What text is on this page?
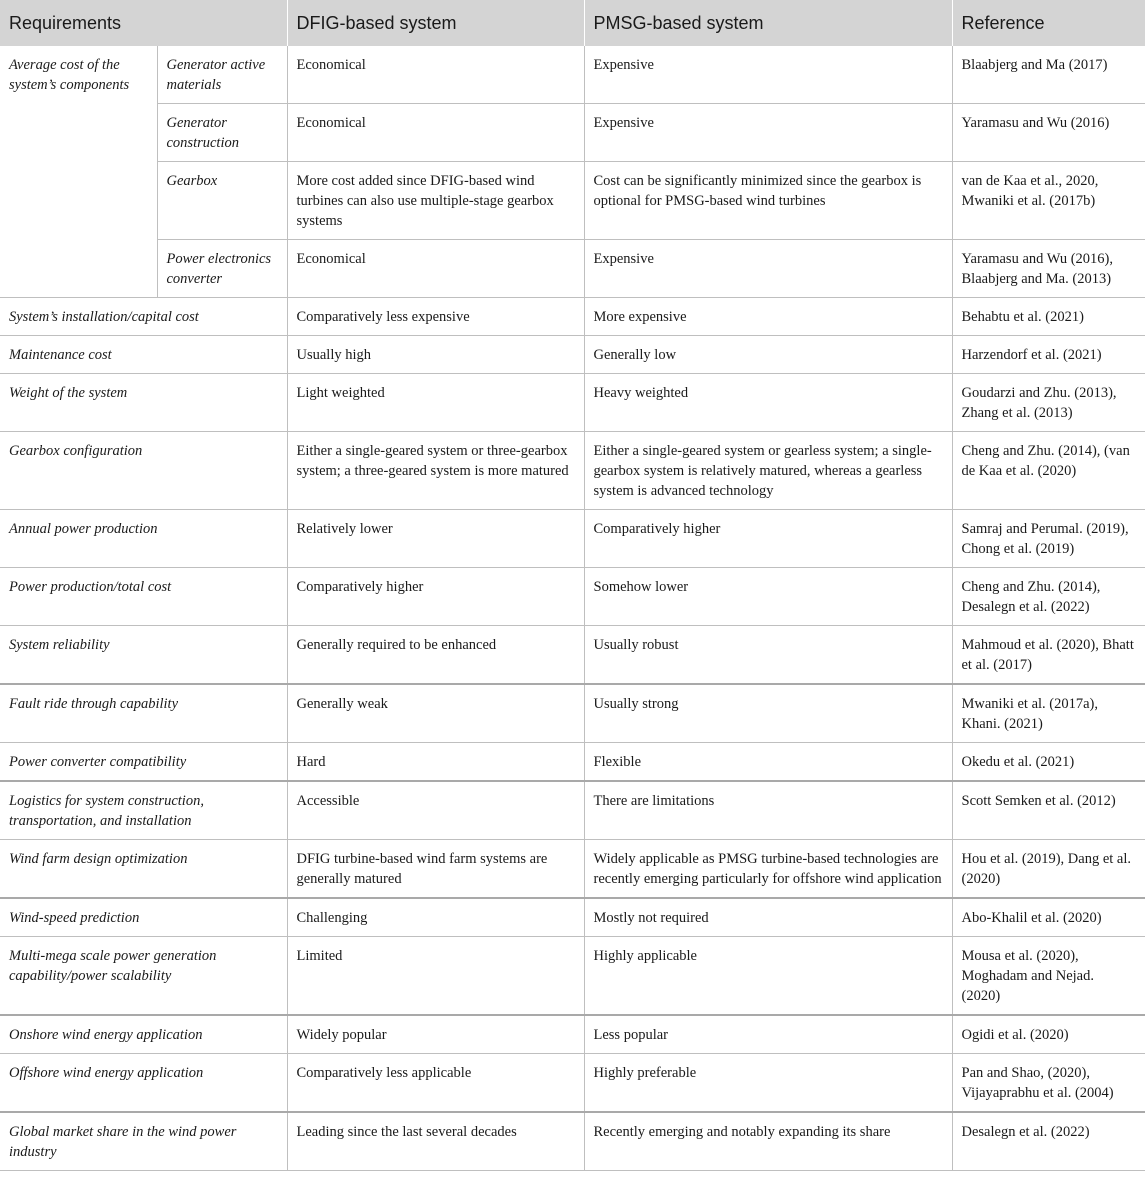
Requirements		DFIG-based system	PMSG-based system	Reference
Average cost of the system’s components	Generator active materials	Economical	Expensive	Blaabjerg and Ma (2017)
	Generator construction	Economical	Expensive	Yaramasu and Wu (2016)
	Gearbox	More cost added since DFIG-based wind turbines can also use multiple-stage gearbox systems	Cost can be significantly minimized since the gearbox is optional for PMSG-based wind turbines	van de Kaa et al., 2020, Mwaniki et al. (2017b)
	Power electronics converter	Economical	Expensive	Yaramasu and Wu (2016), Blaabjerg and Ma. (2013)
System’s installation/capital cost		Comparatively less expensive	More expensive	Behabtu et al. (2021)
Maintenance cost		Usually high	Generally low	Harzendorf et al. (2021)
Weight of the system		Light weighted	Heavy weighted	Goudarzi and Zhu. (2013), Zhang et al. (2013)
Gearbox configuration		Either a single-geared system or three-gearbox system; a three-geared system is more matured	Either a single-geared system or gearless system; a single-gearbox system is relatively matured, whereas a gearless system is advanced technology	Cheng and Zhu. (2014), (van de Kaa et al. (2020)
Annual power production		Relatively lower	Comparatively higher	Samraj and Perumal. (2019), Chong et al. (2019)
Power production/total cost		Comparatively higher	Somehow lower	Cheng and Zhu. (2014), Desalegn et al. (2022)
System reliability		Generally required to be enhanced	Usually robust	Mahmoud et al. (2020), Bhatt et al. (2017)
Fault ride through capability		Generally weak	Usually strong	Mwaniki et al. (2017a), Khani. (2021)
Power converter compatibility		Hard	Flexible	Okedu et al. (2021)
Logistics for system construction, transportation, and installation		Accessible	There are limitations	Scott Semken et al. (2012)
Wind farm design optimization		DFIG turbine-based wind farm systems are generally matured	Widely applicable as PMSG turbine-based technologies are recently emerging particularly for offshore wind application	Hou et al. (2019), Dang et al. (2020)
Wind-speed prediction		Challenging	Mostly not required	Abo-Khalil et al. (2020)
Multi-mega scale power generation capability/power scalability		Limited	Highly applicable	Mousa et al. (2020), Moghadam and Nejad. (2020)
Onshore wind energy application		Widely popular	Less popular	Ogidi et al. (2020)
Offshore wind energy application		Comparatively less applicable	Highly preferable	Pan and Shao, (2020), Vijayaprabhu et al. (2004)
Global market share in the wind power industry		Leading since the last several decades	Recently emerging and notably expanding its share	Desalegn et al. (2022)
